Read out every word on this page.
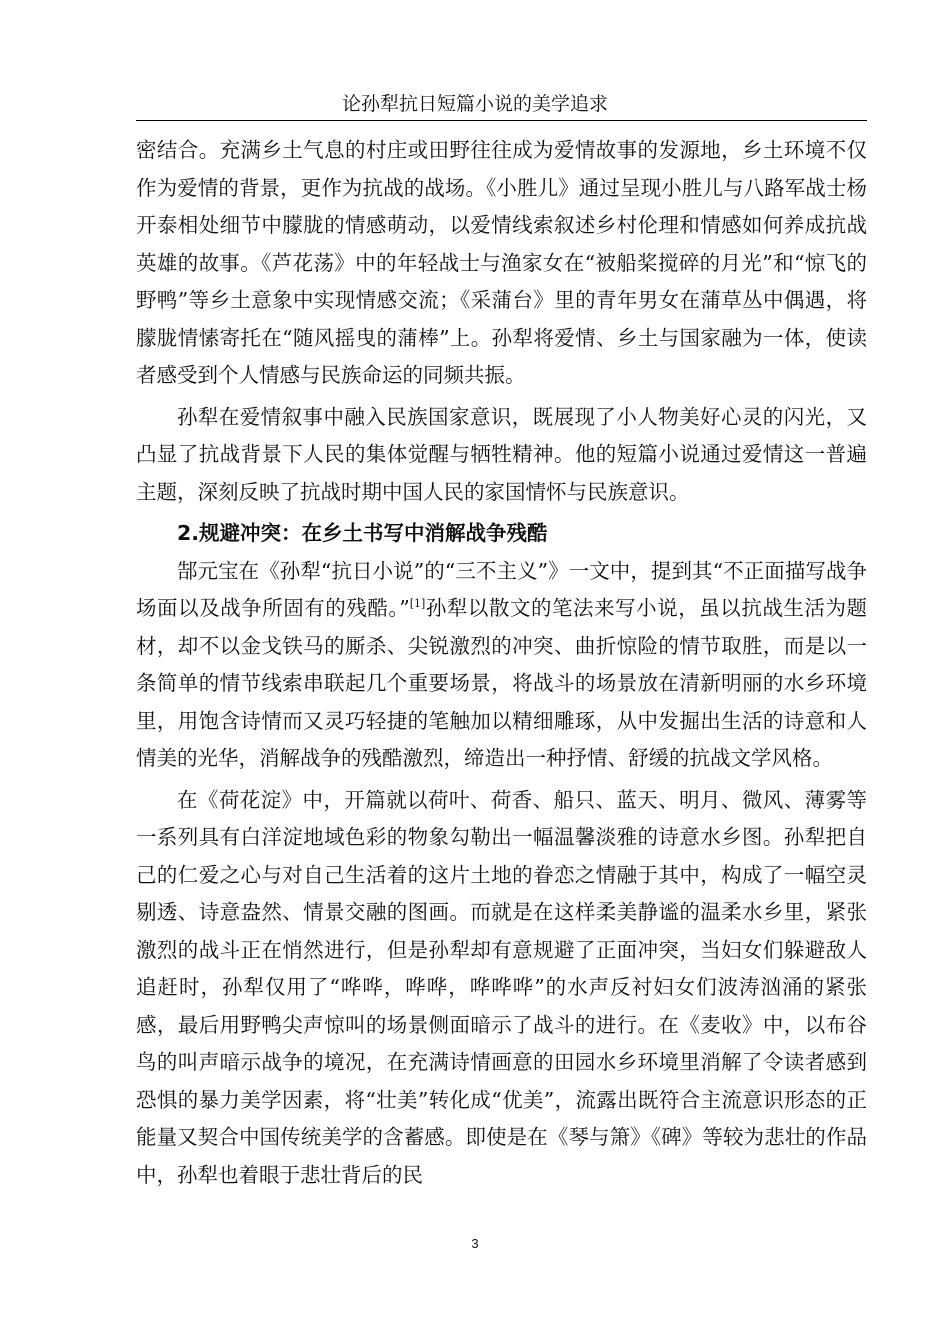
论孙犁抗日短篇小说的美学追求

密结合。充满乡土气息的村庄或田野往往成为爱情故事的发源地，乡土环境不仅作为爱情的背景，更作为抗战的战场。《小胜儿》通过呈现小胜儿与八路军战士杨开泰相处细节中朦胧的情感萌动，以爱情线索叙述乡村伦理和情感如何养成抗战英雄的故事。《芦花荡》中的年轻战士与渔家女在“被船桨搅碎的月光”和“惊飞的野鸭”等乡土意象中实现情感交流；《采蒲台》里的青年男女在蒲草丛中偶遇，将朦胧情愫寄托在“随风摇曳的蒲棒”上。孙犁将爱情、乡土与国家融为一体，使读者感受到个人情感与民族命运的同频共振。

孙犁在爱情叙事中融入民族国家意识，既展现了小人物美好心灵的闪光，又凸显了抗战背景下人民的集体觉醒与牺牲精神。他的短篇小说通过爱情这一普遍主题，深刻反映了抗战时期中国人民的家国情怀与民族意识。

2.规避冲突：在乡土书写中消解战争残酷

郜元宝在《孙犁“抗日小说”的“三不主义”》一文中，提到其“不正面描写战争场面以及战争所固有的残酷。”[1]孙犁以散文的笔法来写小说，虽以抗战生活为题材，却不以金戈铁马的厮杀、尖锐激烈的冲突、曲折惊险的情节取胜，而是以一条简单的情节线索串联起几个重要场景，将战斗的场景放在清新明丽的水乡环境里，用饱含诗情而又灵巧轻捷的笔触加以精细雕琢，从中发掘出生活的诗意和人情美的光华，消解战争的残酷激烈，缔造出一种抒情、舒缓的抗战文学风格。

在《荷花淀》中，开篇就以荷叶、荷香、船只、蓝天、明月、微风、薄雾等一系列具有白洋淀地域色彩的物象勾勒出一幅温馨淡雅的诗意水乡图。孙犁把自己的仁爱之心与对自己生活着的这片土地的眷恋之情融于其中，构成了一幅空灵剔透、诗意盎然、情景交融的图画。而就是在这样柔美静谧的温柔水乡里，紧张激烈的战斗正在悄然进行，但是孙犁却有意规避了正面冲突，当妇女们躲避敌人追赶时，孙犁仅用了“哗哗，哗哗，哗哗哗”的水声反衬妇女们波涛汹涌的紧张感，最后用野鸭尖声惊叫的场景侧面暗示了战斗的进行。在《麦收》中，以布谷鸟的叫声暗示战争的境况，在充满诗情画意的田园水乡环境里消解了令读者感到恐惧的暴力美学因素，将“壮美”转化成“优美”，流露出既符合主流意识形态的正能量又契合中国传统美学的含蓄感。即使是在《琴与箫》《碑》等较为悲壮的作品中，孙犁也着眼于悲壮背后的民

3
